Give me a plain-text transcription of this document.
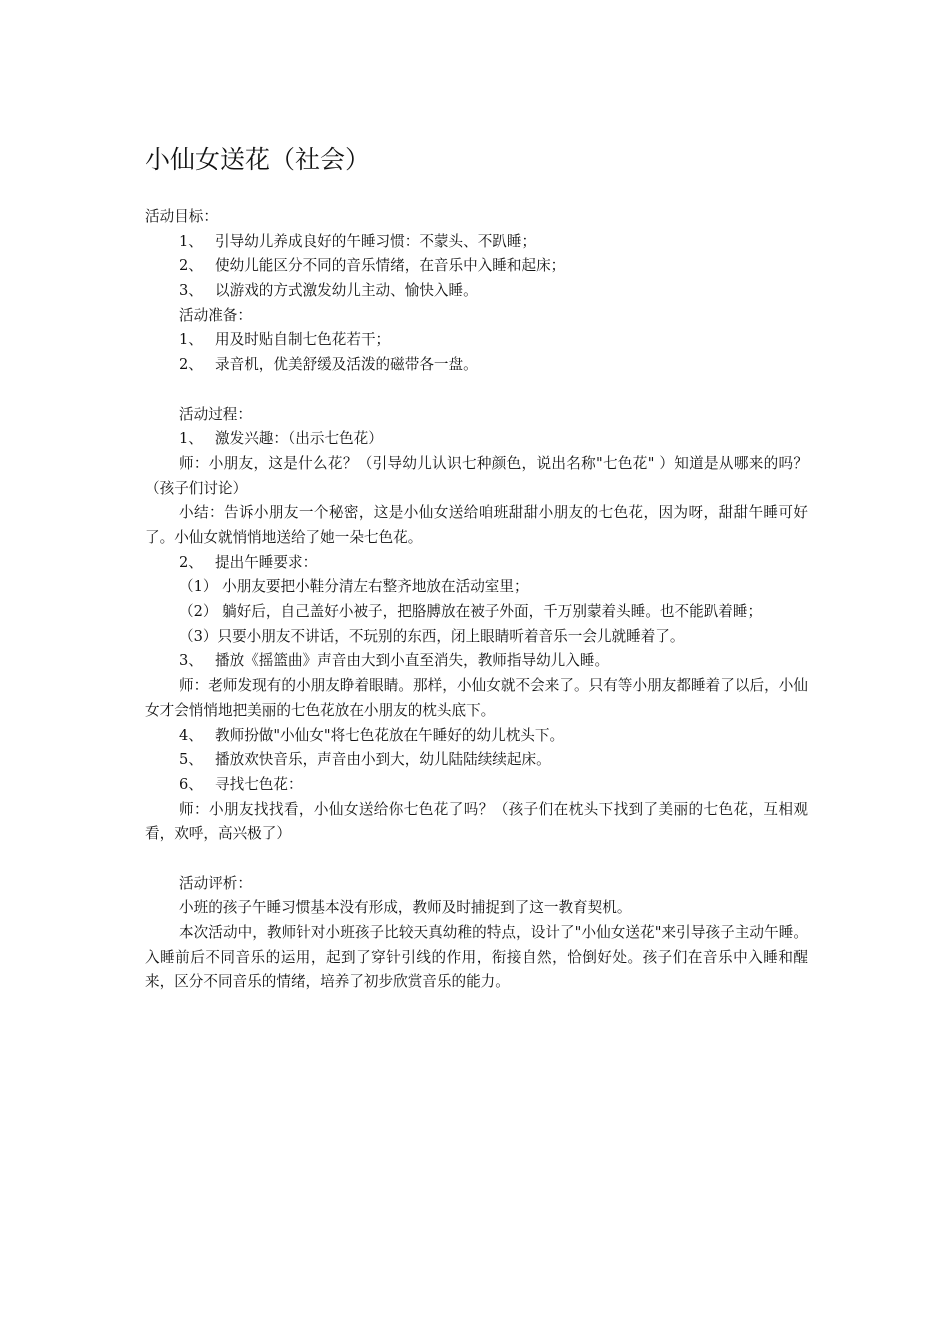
小仙女送花（社会）
活动目标：
1、 引导幼儿养成良好的午睡习惯：不蒙头、不趴睡；
2、 使幼儿能区分不同的音乐情绪，在音乐中入睡和起床；
3、 以游戏的方式激发幼儿主动、愉快入睡。
活动准备：
1、 用及时贴自制七色花若干；
2、 录音机，优美舒缓及活泼的磁带各一盘。
活动过程：
1、 激发兴趣：（出示七色花）
师：小朋友，这是什么花？（引导幼儿认识七种颜色，说出名称"七色花" ）知道是从哪来的吗？（孩子们讨论）
小结：告诉小朋友一个秘密，这是小仙女送给咱班甜甜小朋友的七色花，因为呀，甜甜午睡可好了。小仙女就悄悄地送给了她一朵七色花。
2、 提出午睡要求：
（1） 小朋友要把小鞋分清左右整齐地放在活动室里；
（2） 躺好后，自己盖好小被子，把胳膊放在被子外面，千万别蒙着头睡。也不能趴着睡；
（3）只要小朋友不讲话，不玩别的东西，闭上眼睛听着音乐一会儿就睡着了。
3、 播放《摇篮曲》声音由大到小直至消失，教师指导幼儿入睡。
师：老师发现有的小朋友睁着眼睛。那样，小仙女就不会来了。只有等小朋友都睡着了以后，小仙女才会悄悄地把美丽的七色花放在小朋友的枕头底下。
4、 教师扮做"小仙女"将七色花放在午睡好的幼儿枕头下。
5、 播放欢快音乐，声音由小到大，幼儿陆陆续续起床。
6、 寻找七色花：
师：小朋友找找看，小仙女送给你七色花了吗？（孩子们在枕头下找到了美丽的七色花，互相观看，欢呼，高兴极了）
活动评析：
小班的孩子午睡习惯基本没有形成，教师及时捕捉到了这一教育契机。
本次活动中，教师针对小班孩子比较天真幼稚的特点，设计了"小仙女送花"来引导孩子主动午睡。入睡前后不同音乐的运用，起到了穿针引线的作用，衔接自然，恰倒好处。孩子们在音乐中入睡和醒来，区分不同音乐的情绪，培养了初步欣赏音乐的能力。
